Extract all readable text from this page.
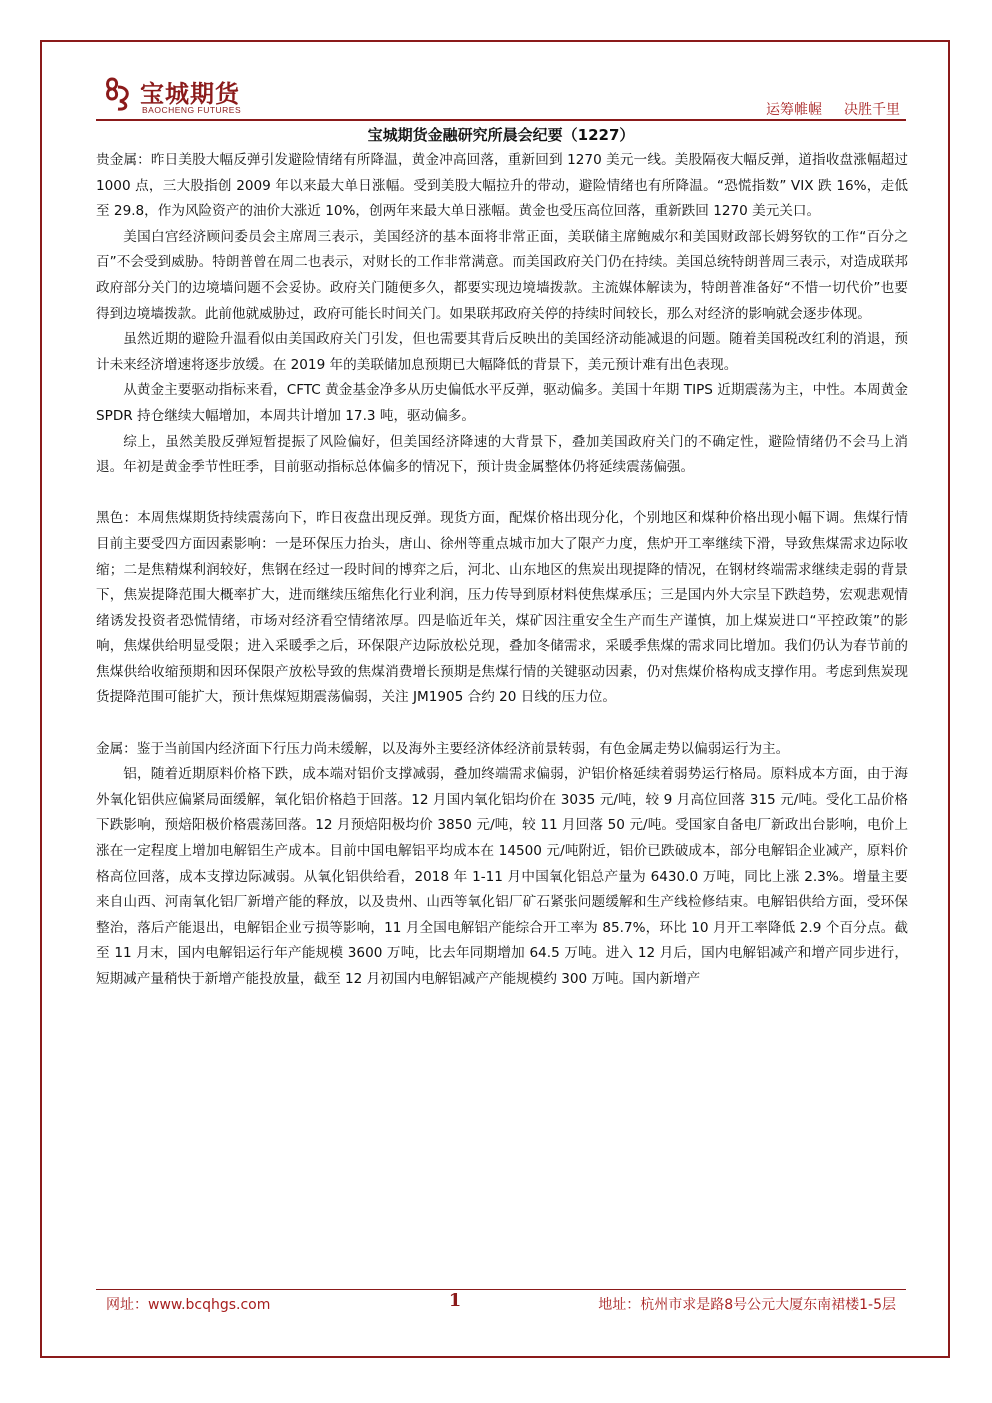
宝城期货
BAOCHENG FUTURES	运筹帷幄 决胜千里
宝城期货金融研究所晨会纪要（1227）

贵金属：昨日美股大幅反弹引发避险情绪有所降温，黄金冲高回落，重新回到 1270 美元一线。美股隔夜大幅反弹，道指收盘涨幅超过 1000 点，三大股指创 2009 年以来最大单日涨幅。受到美股大幅拉升的带动，避险情绪也有所降温。“恐慌指数” VIX 跌 16%，走低至 29.8，作为风险资产的油价大涨近 10%，创两年来最大单日涨幅。黄金也受压高位回落，重新跌回 1270 美元关口。

美国白宫经济顾问委员会主席周三表示，美国经济的基本面将非常正面，美联储主席鲍威尔和美国财政部长姆努钦的工作“百分之百”不会受到威胁。特朗普曾在周二也表示，对财长的工作非常满意。而美国政府关门仍在持续。美国总统特朗普周三表示，对造成联邦政府部分关门的边境墙问题不会妥协。政府关门随便多久，都要实现边境墙拨款。主流媒体解读为，特朗普准备好“不惜一切代价”也要得到边境墙拨款。此前他就威胁过，政府可能长时间关门。如果联邦政府关停的持续时间较长，那么对经济的影响就会逐步体现。

虽然近期的避险升温看似由美国政府关门引发，但也需要其背后反映出的美国经济动能减退的问题。随着美国税改红利的消退，预计未来经济增速将逐步放缓。在 2019 年的美联储加息预期已大幅降低的背景下，美元预计难有出色表现。

从黄金主要驱动指标来看，CFTC 黄金基金净多从历史偏低水平反弹，驱动偏多。美国十年期 TIPS 近期震荡为主，中性。本周黄金 SPDR 持仓继续大幅增加，本周共计增加 17.3 吨，驱动偏多。

综上，虽然美股反弹短暂提振了风险偏好，但美国经济降速的大背景下，叠加美国政府关门的不确定性，避险情绪仍不会马上消退。年初是黄金季节性旺季，目前驱动指标总体偏多的情况下，预计贵金属整体仍将延续震荡偏强。

黑色：本周焦煤期货持续震荡向下，昨日夜盘出现反弹。现货方面，配煤价格出现分化，个别地区和煤种价格出现小幅下调。焦煤行情目前主要受四方面因素影响：一是环保压力抬头，唐山、徐州等重点城市加大了限产力度，焦炉开工率继续下滑，导致焦煤需求边际收缩；二是焦精煤利润较好，焦钢在经过一段时间的博弈之后，河北、山东地区的焦炭出现提降的情况，在钢材终端需求继续走弱的背景下，焦炭提降范围大概率扩大，进而继续压缩焦化行业利润，压力传导到原材料使焦煤承压；三是国内外大宗呈下跌趋势，宏观悲观情绪诱发投资者恐慌情绪，市场对经济看空情绪浓厚。四是临近年关，煤矿因注重安全生产而生产谨慎，加上煤炭进口“平控政策”的影响，焦煤供给明显受限；进入采暖季之后，环保限产边际放松兑现，叠加冬储需求，采暖季焦煤的需求同比增加。我们仍认为春节前的焦煤供给收缩预期和因环保限产放松导致的焦煤消费增长预期是焦煤行情的关键驱动因素，仍对焦煤价格构成支撑作用。考虑到焦炭现货提降范围可能扩大，预计焦煤短期震荡偏弱，关注 JM1905 合约 20 日线的压力位。

金属：鉴于当前国内经济面下行压力尚未缓解，以及海外主要经济体经济前景转弱，有色金属走势以偏弱运行为主。

铝，随着近期原料价格下跌，成本端对铝价支撑减弱，叠加终端需求偏弱，沪铝价格延续着弱势运行格局。原料成本方面，由于海外氧化铝供应偏紧局面缓解，氧化铝价格趋于回落。12 月国内氧化铝均价在 3035 元/吨，较 9 月高位回落 315 元/吨。受化工品价格下跌影响，预焙阳极价格震荡回落。12 月预焙阳极均价 3850 元/吨，较 11 月回落 50 元/吨。受国家自备电厂新政出台影响，电价上涨在一定程度上增加电解铝生产成本。目前中国电解铝平均成本在 14500 元/吨附近，铝价已跌破成本，部分电解铝企业减产，原料价格高位回落，成本支撑边际减弱。从氧化铝供给看，2018 年 1-11 月中国氧化铝总产量为 6430.0 万吨，同比上涨 2.3%。增量主要来自山西、河南氧化铝厂新增产能的释放，以及贵州、山西等氧化铝厂矿石紧张问题缓解和生产线检修结束。电解铝供给方面，受环保整治，落后产能退出，电解铝企业亏损等影响，11 月全国电解铝产能综合开工率为 85.7%，环比 10 月开工率降低 2.9 个百分点。截至 11 月末，国内电解铝运行年产能规模 3600 万吨，比去年同期增加 64.5 万吨。进入 12 月后，国内电解铝减产和增产同步进行，短期减产量稍快于新增产能投放量，截至 12 月初国内电解铝减产产能规模约 300 万吨。国内新增产

网址：www.bcqhgs.com	1	地址：杭州市求是路8号公元大厦东南裙楼1-5层
